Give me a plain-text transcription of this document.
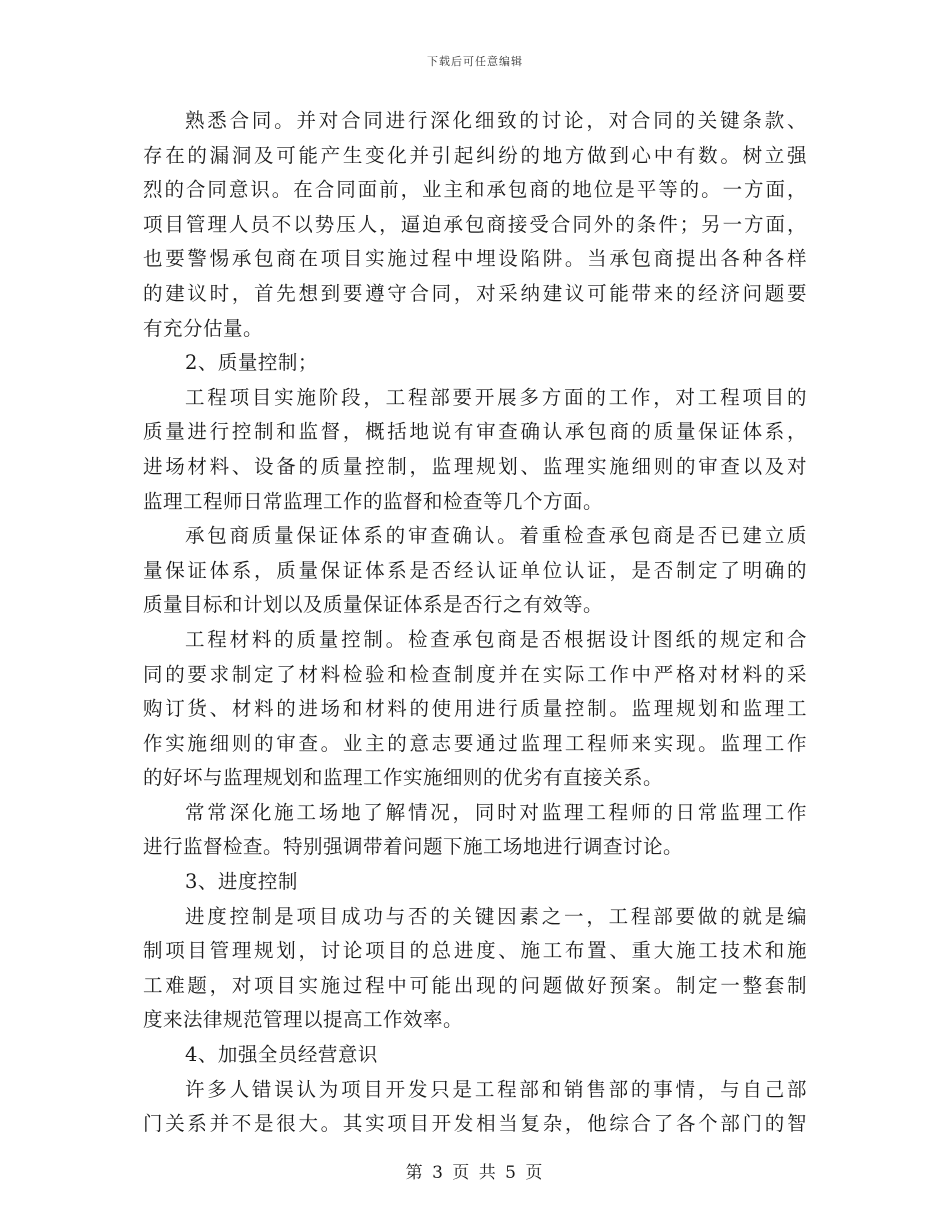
下载后可任意编辑
熟悉合同。并对合同进行深化细致的讨论，对合同的关键条款、
存在的漏洞及可能产生变化并引起纠纷的地方做到心中有数。树立强
烈的合同意识。在合同面前，业主和承包商的地位是平等的。一方面，
项目管理人员不以势压人，逼迫承包商接受合同外的条件；另一方面，
也要警惕承包商在项目实施过程中埋设陷阱。当承包商提出各种各样
的建议时，首先想到要遵守合同，对采纳建议可能带来的经济问题要
有充分估量。
2、质量控制；
工程项目实施阶段，工程部要开展多方面的工作，对工程项目的
质量进行控制和监督，概括地说有审查确认承包商的质量保证体系，
进场材料、设备的质量控制，监理规划、监理实施细则的审查以及对
监理工程师日常监理工作的监督和检查等几个方面。
承包商质量保证体系的审查确认。着重检查承包商是否已建立质
量保证体系，质量保证体系是否经认证单位认证，是否制定了明确的
质量目标和计划以及质量保证体系是否行之有效等。
工程材料的质量控制。检查承包商是否根据设计图纸的规定和合
同的要求制定了材料检验和检查制度并在实际工作中严格对材料的采
购订货、材料的进场和材料的使用进行质量控制。监理规划和监理工
作实施细则的审查。业主的意志要通过监理工程师来实现。监理工作
的好坏与监理规划和监理工作实施细则的优劣有直接关系。
常常深化施工场地了解情况，同时对监理工程师的日常监理工作
进行监督检查。特别强调带着问题下施工场地进行调查讨论。
3、进度控制
进度控制是项目成功与否的关键因素之一，工程部要做的就是编
制项目管理规划，讨论项目的总进度、施工布置、重大施工技术和施
工难题，对项目实施过程中可能出现的问题做好预案。制定一整套制
度来法律规范管理以提高工作效率。
4、加强全员经营意识
许多人错误认为项目开发只是工程部和销售部的事情，与自己部
门关系并不是很大。其实项目开发相当复杂，他综合了各个部门的智
第 3 页 共 5 页
